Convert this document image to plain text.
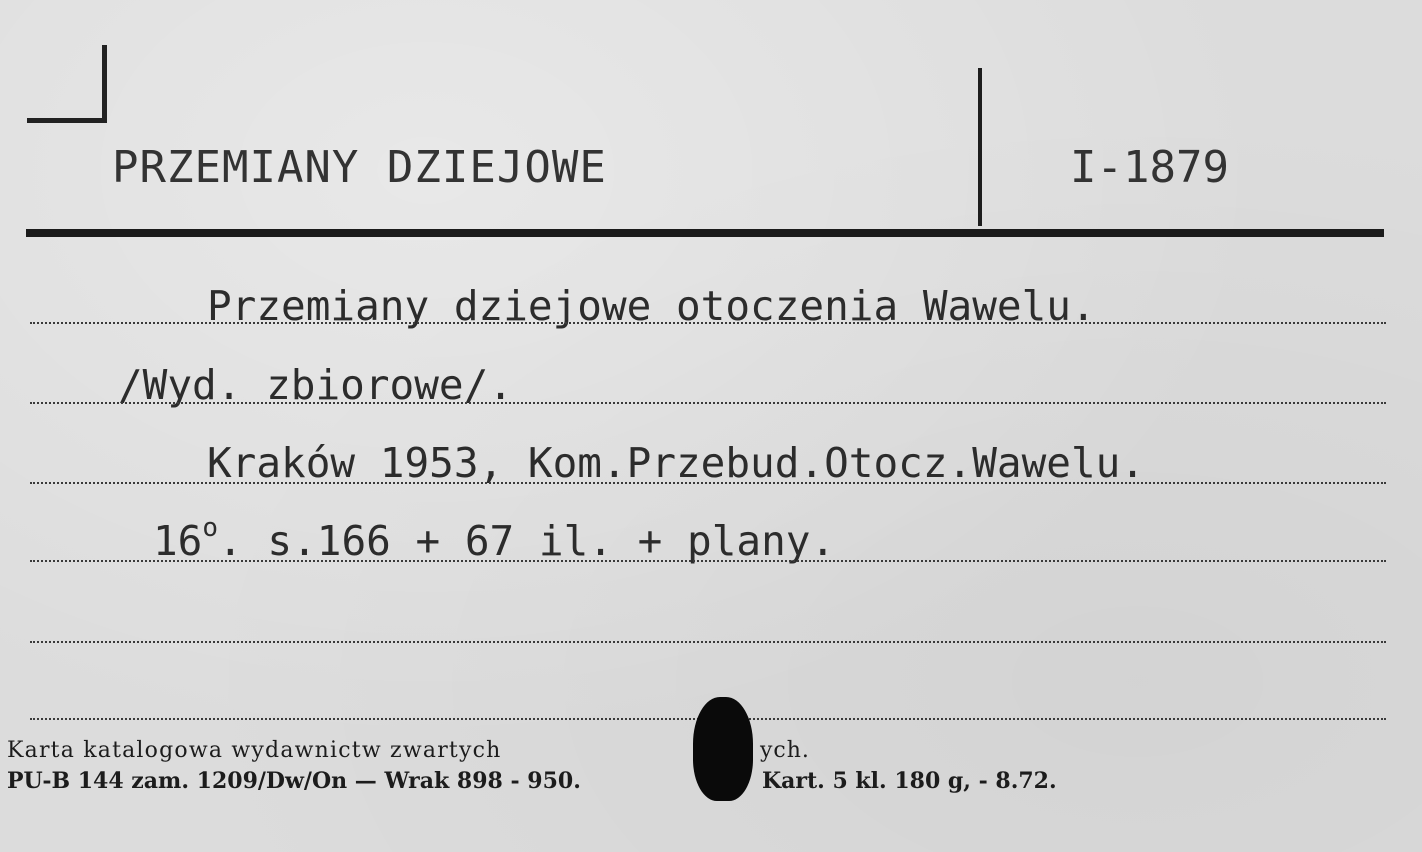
PRZEMIANY DZIEJOWE	I-1879
Przemiany dziejowe otoczenia Wawelu.
/Wyd. zbiorowe/.
Kraków 1953, Kom.Przebud.Otocz.Wawelu.
16$^o$. s.166 + 67 il. + plany.
Karta katalogowa wydawnictw zwartych	ych.
PU-B 144 zam. 1209/Dw/On — Wrak 898 - 950.	Kart. 5 kl. 180 g, - 8.72.
